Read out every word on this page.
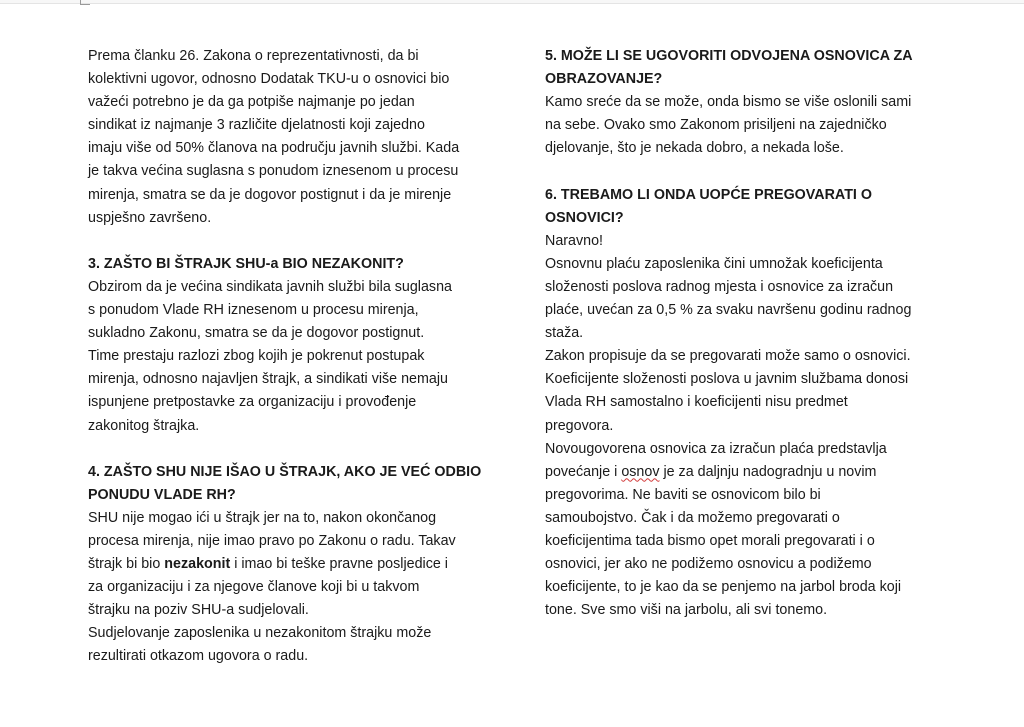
Prema članku 26. Zakona o reprezentativnosti, da bi
kolektivni ugovor, odnosno Dodatak TKU-u o osnovici bio
važeći potrebno je da ga potpiše najmanje po jedan
sindikat iz najmanje 3 različite djelatnosti koji zajedno
imaju više od 50% članova na području javnih službi. Kada
je takva većina suglasna s ponudom iznesenom u procesu
mirenja, smatra se da je dogovor postignut i da je mirenje
uspješno završeno.
3. ZAŠTO BI ŠTRAJK SHU-a BIO NEZAKONIT?
Obzirom da je većina sindikata javnih službi bila suglasna
s ponudom Vlade RH iznesenom u procesu mirenja,
sukladno Zakonu, smatra se da je dogovor postignut.
Time prestaju razlozi zbog kojih je pokrenut postupak
mirenja, odnosno najavljen štrajk, a sindikati više nemaju
ispunjene pretpostavke za organizaciju i provođenje
zakonitog štrajka.
4. ZAŠTO SHU NIJE IŠAO U ŠTRAJK, AKO JE VEĆ ODBIO
PONUDU VLADE RH?
SHU nije mogao ići u štrajk jer na to, nakon okončanog
procesa mirenja, nije imao pravo po Zakonu o radu. Takav
štrajk bi bio nezakonit i imao bi teške pravne posljedice i
za organizaciju i za njegove članove koji bi u takvom
štrajku na poziv SHU-a sudjelovali.
Sudjelovanje zaposlenika u nezakonitom štrajku može
rezultirati otkazom ugovora o radu.
5. MOŽE LI SE UGOVORITI ODVOJENA OSNOVICA ZA
OBRAZOVANJE?
Kamo sreće da se može, onda bismo se više oslonili sami
na sebe. Ovako smo Zakonom prisiljeni na zajedničko
djelovanje, što je nekada dobro, a nekada loše.
6. TREBAMO LI ONDA UOPĆE PREGOVARATI O
OSNOVICI?
Naravno!
Osnovnu plaću zaposlenika čini umnožak koeficijenta
složenosti poslova radnog mjesta i osnovice za izračun
plaće, uvećan za 0,5 % za svaku navršenu godinu radnog
staža.
Zakon propisuje da se pregovarati može samo o osnovici.
Koeficijente složenosti poslova u javnim službama donosi
Vlada RH samostalno i koeficijenti nisu predmet
pregovora.
Novougovorena osnovica za izračun plaća predstavlja
povećanje i osnov je za daljnju nadogradnju u novim
pregovorima. Ne baviti se osnovicom bilo bi
samoubojstvo. Čak i da možemo pregovarati o
koeficijentima tada bismo opet morali pregovarati i o
osnovici, jer ako ne podižemo osnovicu a podižemo
koeficijente, to je kao da se penjemo na jarbol broda koji
tone. Sve smo viši na jarbolu, ali svi tonemo.
